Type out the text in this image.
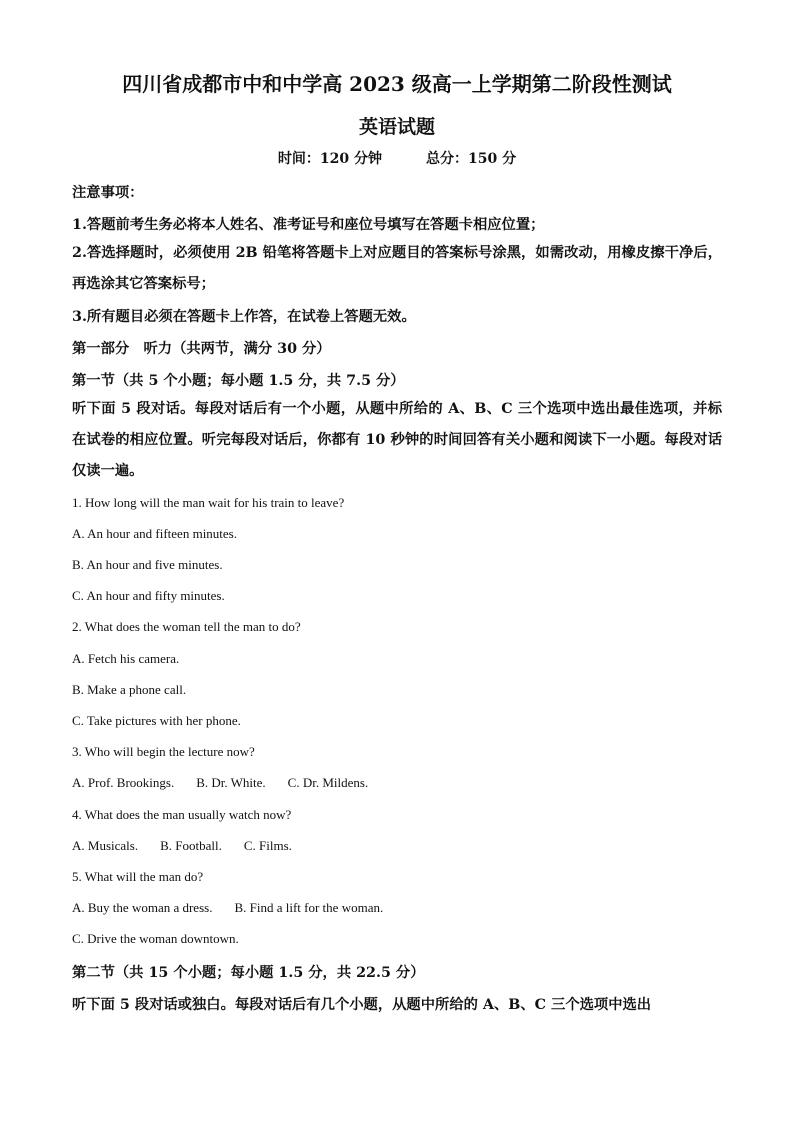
四川省成都市中和中学高 2023 级高一上学期第二阶段性测试
英语试题
时间：120 分钟	总分：150 分
注意事项：
1.答题前考生务必将本人姓名、准考证号和座位号填写在答题卡相应位置；
2.答选择题时，必须使用 2B 铅笔将答题卡上对应题目的答案标号涂黑，如需改动，用橡皮擦干净后，再选涂其它答案标号；
3.所有题目必须在答题卡上作答，在试卷上答题无效。
第一部分　听力（共两节，满分 30 分）
第一节（共 5 个小题；每小题 1.5 分，共 7.5 分）
听下面 5 段对话。每段对话后有一个小题，从题中所给的 A、B、C 三个选项中选出最佳选项，并标在试卷的相应位置。听完每段对话后，你都有 10 秒钟的时间回答有关小题和阅读下一小题。每段对话仅读一遍。
1. How long will the man wait for his train to leave?
A. An hour and fifteen minutes.
B. An hour and five minutes.
C. An hour and fifty minutes.
2. What does the woman tell the man to do?
A. Fetch his camera.
B. Make a phone call.
C. Take pictures with her phone.
3. Who will begin the lecture now?
A. Prof. Brookings. B. Dr. White. C. Dr. Mildens.
4. What does the man usually watch now?
A. Musicals. B. Football. C. Films.
5. What will the man do?
A. Buy the woman a dress. B. Find a lift for the woman.
C. Drive the woman downtown.
第二节（共 15 个小题；每小题 1.5 分，共 22.5 分）
听下面 5 段对话或独白。每段对话后有几个小题，从题中所给的 A、B、C 三个选项中选出
